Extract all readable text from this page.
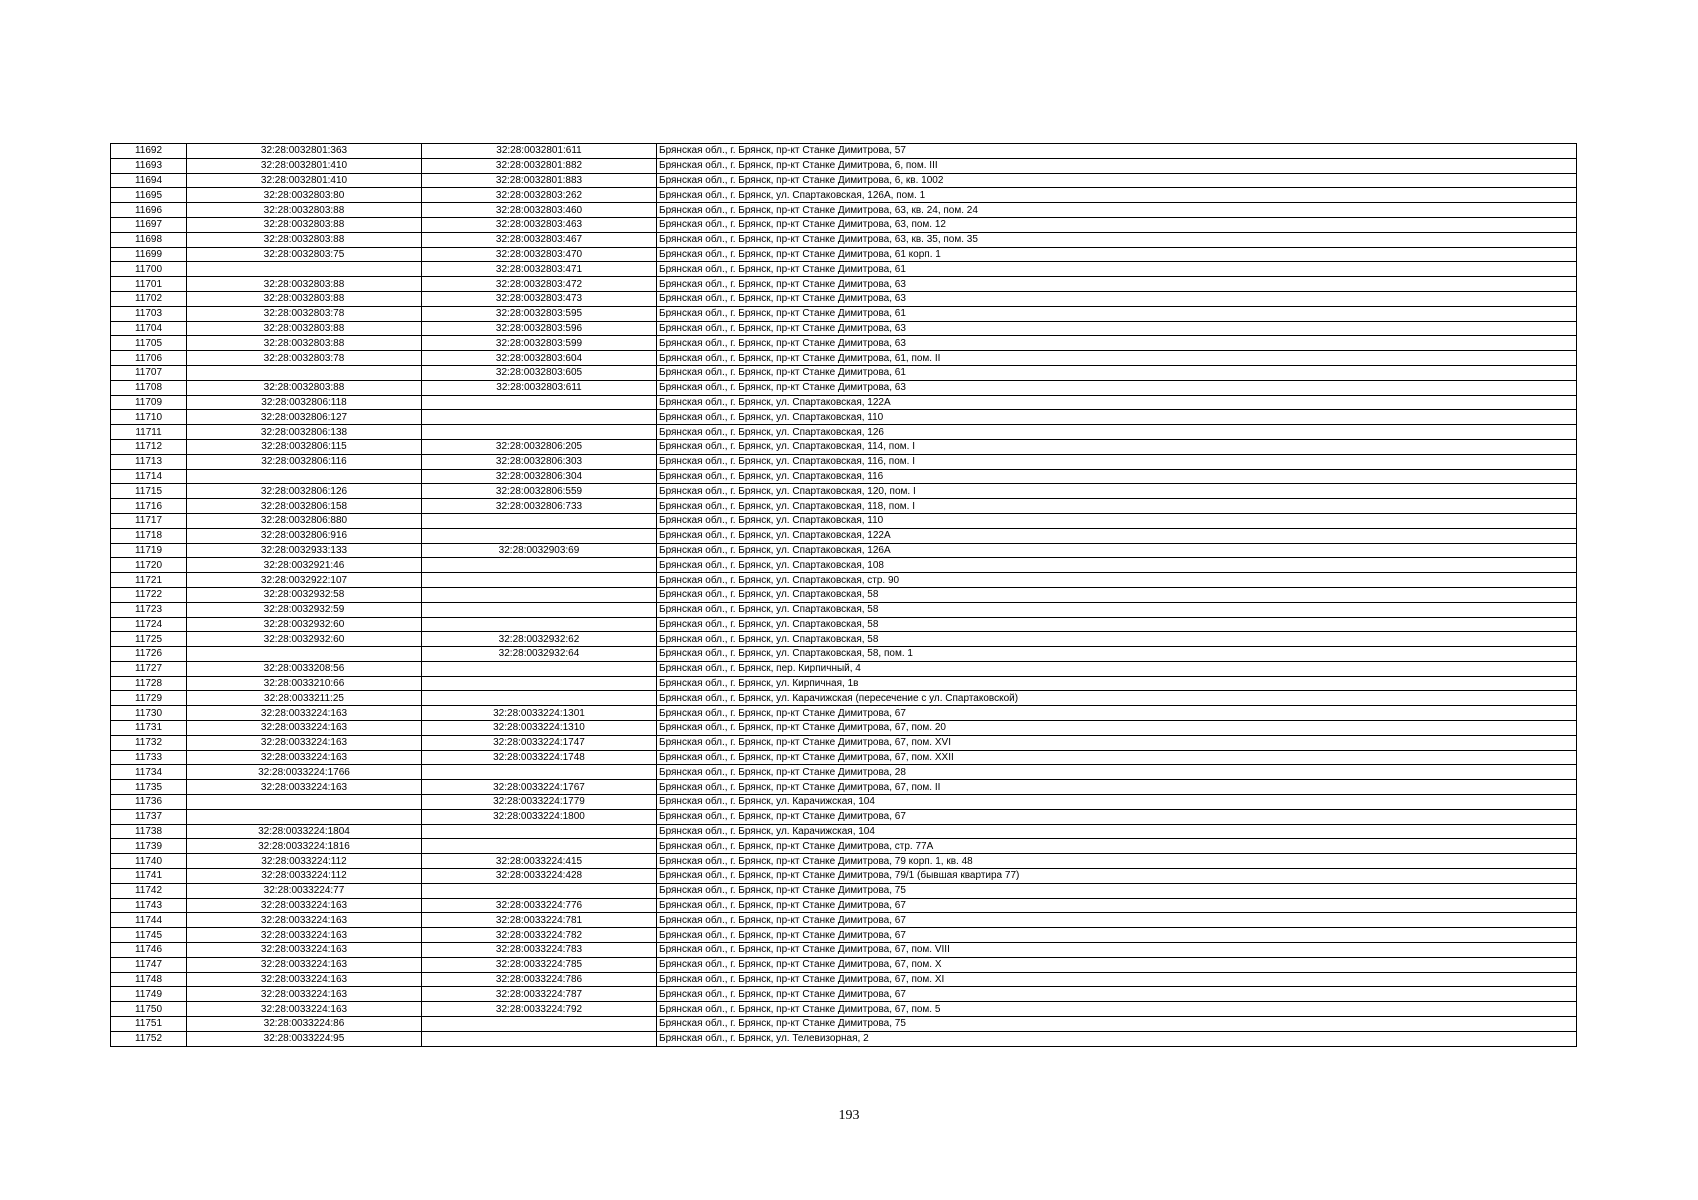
11692	32:28:0032801:363	32:28:0032801:611	Брянская обл., г. Брянск, пр-кт Станке Димитрова, 57
11693	32:28:0032801:410	32:28:0032801:882	Брянская обл., г. Брянск, пр-кт Станке Димитрова, 6, пом. III
11694	32:28:0032801:410	32:28:0032801:883	Брянская обл., г. Брянск, пр-кт Станке Димитрова, 6, кв. 1002
11695	32:28:0032803:80	32:28:0032803:262	Брянская обл., г. Брянск, ул. Спартаковская, 126А, пом. 1
11696	32:28:0032803:88	32:28:0032803:460	Брянская обл., г. Брянск, пр-кт Станке Димитрова, 63, кв. 24, пом. 24
11697	32:28:0032803:88	32:28:0032803:463	Брянская обл., г. Брянск, пр-кт Станке Димитрова, 63, пом. 12
11698	32:28:0032803:88	32:28:0032803:467	Брянская обл., г. Брянск, пр-кт Станке Димитрова, 63, кв. 35, пом. 35
11699	32:28:0032803:75	32:28:0032803:470	Брянская обл., г. Брянск, пр-кт Станке Димитрова, 61 корп. 1
11700		32:28:0032803:471	Брянская обл., г. Брянск, пр-кт Станке Димитрова, 61
11701	32:28:0032803:88	32:28:0032803:472	Брянская обл., г. Брянск, пр-кт Станке Димитрова, 63
11702	32:28:0032803:88	32:28:0032803:473	Брянская обл., г. Брянск, пр-кт Станке Димитрова, 63
11703	32:28:0032803:78	32:28:0032803:595	Брянская обл., г. Брянск, пр-кт Станке Димитрова, 61
11704	32:28:0032803:88	32:28:0032803:596	Брянская обл., г. Брянск, пр-кт Станке Димитрова, 63
11705	32:28:0032803:88	32:28:0032803:599	Брянская обл., г. Брянск, пр-кт Станке Димитрова, 63
11706	32:28:0032803:78	32:28:0032803:604	Брянская обл., г. Брянск, пр-кт Станке Димитрова, 61, пом. II
11707		32:28:0032803:605	Брянская обл., г. Брянск, пр-кт Станке Димитрова, 61
11708	32:28:0032803:88	32:28:0032803:611	Брянская обл., г. Брянск, пр-кт Станке Димитрова, 63
11709	32:28:0032806:118		Брянская обл., г. Брянск, ул. Спартаковская, 122А
11710	32:28:0032806:127		Брянская обл., г. Брянск, ул. Спартаковская, 110
11711	32:28:0032806:138		Брянская обл., г. Брянск, ул. Спартаковская, 126
11712	32:28:0032806:115	32:28:0032806:205	Брянская обл., г. Брянск, ул. Спартаковская, 114, пом. I
11713	32:28:0032806:116	32:28:0032806:303	Брянская обл., г. Брянск, ул. Спартаковская, 116, пом. I
11714		32:28:0032806:304	Брянская обл., г. Брянск, ул. Спартаковская, 116
11715	32:28:0032806:126	32:28:0032806:559	Брянская обл., г. Брянск, ул. Спартаковская, 120, пом. I
11716	32:28:0032806:158	32:28:0032806:733	Брянская обл., г. Брянск, ул. Спартаковская, 118, пом. I
11717	32:28:0032806:880		Брянская обл., г. Брянск, ул. Спартаковская, 110
11718	32:28:0032806:916		Брянская обл., г. Брянск, ул. Спартаковская, 122А
11719	32:28:0032933:133	32:28:0032903:69	Брянская обл., г. Брянск, ул. Спартаковская, 126А
11720	32:28:0032921:46		Брянская обл., г. Брянск, ул. Спартаковская, 108
11721	32:28:0032922:107		Брянская обл., г. Брянск, ул. Спартаковская, стр. 90
11722	32:28:0032932:58		Брянская обл., г. Брянск, ул. Спартаковская, 58
11723	32:28:0032932:59		Брянская обл., г. Брянск, ул. Спартаковская, 58
11724	32:28:0032932:60		Брянская обл., г. Брянск, ул. Спартаковская, 58
11725	32:28:0032932:60	32:28:0032932:62	Брянская обл., г. Брянск, ул. Спартаковская, 58
11726		32:28:0032932:64	Брянская обл., г. Брянск, ул. Спартаковская, 58, пом. 1
11727	32:28:0033208:56		Брянская обл., г. Брянск, пер. Кирпичный, 4
11728	32:28:0033210:66		Брянская обл., г. Брянск, ул. Кирпичная, 1в
11729	32:28:0033211:25		Брянская обл., г. Брянск, ул. Карачижская (пересечение с ул. Спартаковской)
11730	32:28:0033224:163	32:28:0033224:1301	Брянская обл., г. Брянск, пр-кт Станке Димитрова, 67
11731	32:28:0033224:163	32:28:0033224:1310	Брянская обл., г. Брянск, пр-кт Станке Димитрова, 67, пом. 20
11732	32:28:0033224:163	32:28:0033224:1747	Брянская обл., г. Брянск, пр-кт Станке Димитрова, 67, пом. XVI
11733	32:28:0033224:163	32:28:0033224:1748	Брянская обл., г. Брянск, пр-кт Станке Димитрова, 67, пом. XXII
11734	32:28:0033224:1766		Брянская обл., г. Брянск, пр-кт Станке Димитрова, 28
11735	32:28:0033224:163	32:28:0033224:1767	Брянская обл., г. Брянск, пр-кт Станке Димитрова, 67, пом. II
11736		32:28:0033224:1779	Брянская обл., г. Брянск, ул. Карачижская, 104
11737		32:28:0033224:1800	Брянская обл., г. Брянск, пр-кт Станке Димитрова, 67
11738	32:28:0033224:1804		Брянская обл., г. Брянск, ул. Карачижская, 104
11739	32:28:0033224:1816		Брянская обл., г. Брянск, пр-кт Станке Димитрова, стр. 77А
11740	32:28:0033224:112	32:28:0033224:415	Брянская обл., г. Брянск, пр-кт Станке Димитрова, 79 корп. 1, кв. 48
11741	32:28:0033224:112	32:28:0033224:428	Брянская обл., г. Брянск, пр-кт Станке Димитрова, 79/1 (бывшая квартира 77)
11742	32:28:0033224:77		Брянская обл., г. Брянск, пр-кт Станке Димитрова, 75
11743	32:28:0033224:163	32:28:0033224:776	Брянская обл., г. Брянск, пр-кт Станке Димитрова, 67
11744	32:28:0033224:163	32:28:0033224:781	Брянская обл., г. Брянск, пр-кт Станке Димитрова, 67
11745	32:28:0033224:163	32:28:0033224:782	Брянская обл., г. Брянск, пр-кт Станке Димитрова, 67
11746	32:28:0033224:163	32:28:0033224:783	Брянская обл., г. Брянск, пр-кт Станке Димитрова, 67, пом. VIII
11747	32:28:0033224:163	32:28:0033224:785	Брянская обл., г. Брянск, пр-кт Станке Димитрова, 67, пом. X
11748	32:28:0033224:163	32:28:0033224:786	Брянская обл., г. Брянск, пр-кт Станке Димитрова, 67, пом. XI
11749	32:28:0033224:163	32:28:0033224:787	Брянская обл., г. Брянск, пр-кт Станке Димитрова, 67
11750	32:28:0033224:163	32:28:0033224:792	Брянская обл., г. Брянск, пр-кт Станке Димитрова, 67, пом. 5
11751	32:28:0033224:86		Брянская обл., г. Брянск, пр-кт Станке Димитрова, 75
11752	32:28:0033224:95		Брянская обл., г. Брянск, ул. Телевизорная, 2
193
